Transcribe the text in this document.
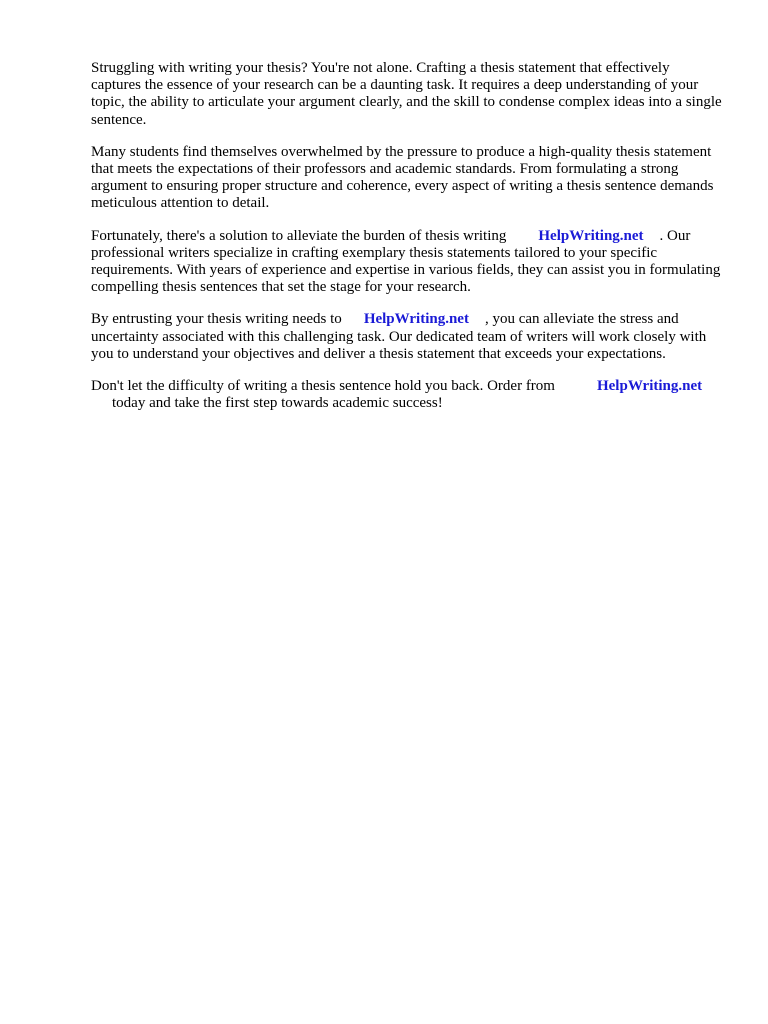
Struggling with writing your thesis? You're not alone. Crafting a thesis statement that effectively captures the essence of your research can be a daunting task. It requires a deep understanding of your topic, the ability to articulate your argument clearly, and the skill to condense complex ideas into a single sentence.

Many students find themselves overwhelmed by the pressure to produce a high-quality thesis statement that meets the expectations of their professors and academic standards. From formulating a strong argument to ensuring proper structure and coherence, every aspect of writing a thesis sentence demands meticulous attention to detail.

Fortunately, there's a solution to alleviate the burden of thesis writing HelpWriting.net . Our professional writers specialize in crafting exemplary thesis statements tailored to your specific requirements. With years of experience and expertise in various fields, they can assist you in formulating compelling thesis sentences that set the stage for your research.

By entrusting your thesis writing needs to HelpWriting.net , you can alleviate the stress and uncertainty associated with this challenging task. Our dedicated team of writers will work closely with you to understand your objectives and deliver a thesis statement that exceeds your expectations.

Don't let the difficulty of writing a thesis sentence hold you back. Order from	HelpWriting.net
today and take the first step towards academic success!
